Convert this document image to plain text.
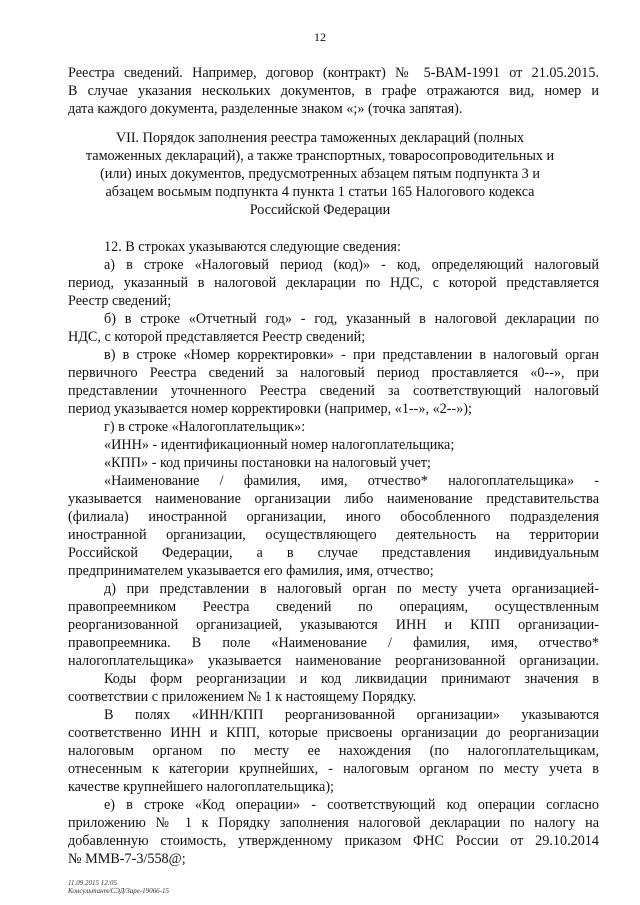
12
Реестра сведений. Например, договор (контракт) № 5-ВАМ-1991 от 21.05.2015.
В случае указания нескольких документов, в графе отражаются вид, номер и
дата каждого документа, разделенные знаком «;» (точка запятая).
VII. Порядок заполнения реестра таможенных деклараций (полных
таможенных деклараций), а также транспортных, товаросопроводительных и
(или) иных документов, предусмотренных абзацем пятым подпункта 3 и
абзацем восьмым подпункта 4 пункта 1 статьи 165 Налогового кодекса
Российской Федерации
12. В строках указываются следующие сведения:
а) в строке «Налоговый период (код)» - код, определяющий налоговый
период, указанный в налоговой декларации по НДС, с которой представляется
Реестр сведений;
б) в строке «Отчетный год» - год, указанный в налоговой декларации по
НДС, с которой представляется Реестр сведений;
в) в строке «Номер корректировки» - при представлении в налоговый орган
первичного Реестра сведений за налоговый период проставляется «0--», при
представлении уточненного Реестра сведений за соответствующий налоговый
период указывается номер корректировки (например, «1--», «2--»);
г) в строке «Налогоплательщик»:
«ИНН» - идентификационный номер налогоплательщика;
«КПП» - код причины постановки на налоговый учет;
«Наименование / фамилия, имя, отчество* налогоплательщика» -
указывается наименование организации либо наименование представительства
(филиала) иностранной организации, иного обособленного подразделения
иностранной организации, осуществляющего деятельность на территории
Российской Федерации, а в случае представления индивидуальным
предпринимателем указывается его фамилия, имя, отчество;
д) при представлении в налоговый орган по месту учета организацией-
правопреемником Реестра сведений по операциям, осуществленным
реорганизованной организацией, указываются ИНН и КПП организации-
правопреемника. В поле «Наименование / фамилия, имя, отчество*
налогоплательщика» указывается наименование реорганизованной организации.
Коды форм реорганизации и код ликвидации принимают значения в
соответствии с приложением № 1 к настоящему Порядку.
В полях «ИНН/КПП реорганизованной организации» указываются
соответственно ИНН и КПП, которые присвоены организации до реорганизации
налоговым органом по месту ее нахождения (по налогоплательщикам,
отнесенным к категории крупнейших, - налоговым органом по месту учета в
качестве крупнейшего налогоплательщика);
е) в строке «Код операции» - соответствующий код операции согласно
приложению № 1 к Порядку заполнения налоговой декларации по налогу на
добавленную стоимость, утвержденному приказом ФНС России от 29.10.2014
№ ММВ-7-3/558@;
11.09.2015 12:05
Консультант/СЭД/Заре-19066-15
